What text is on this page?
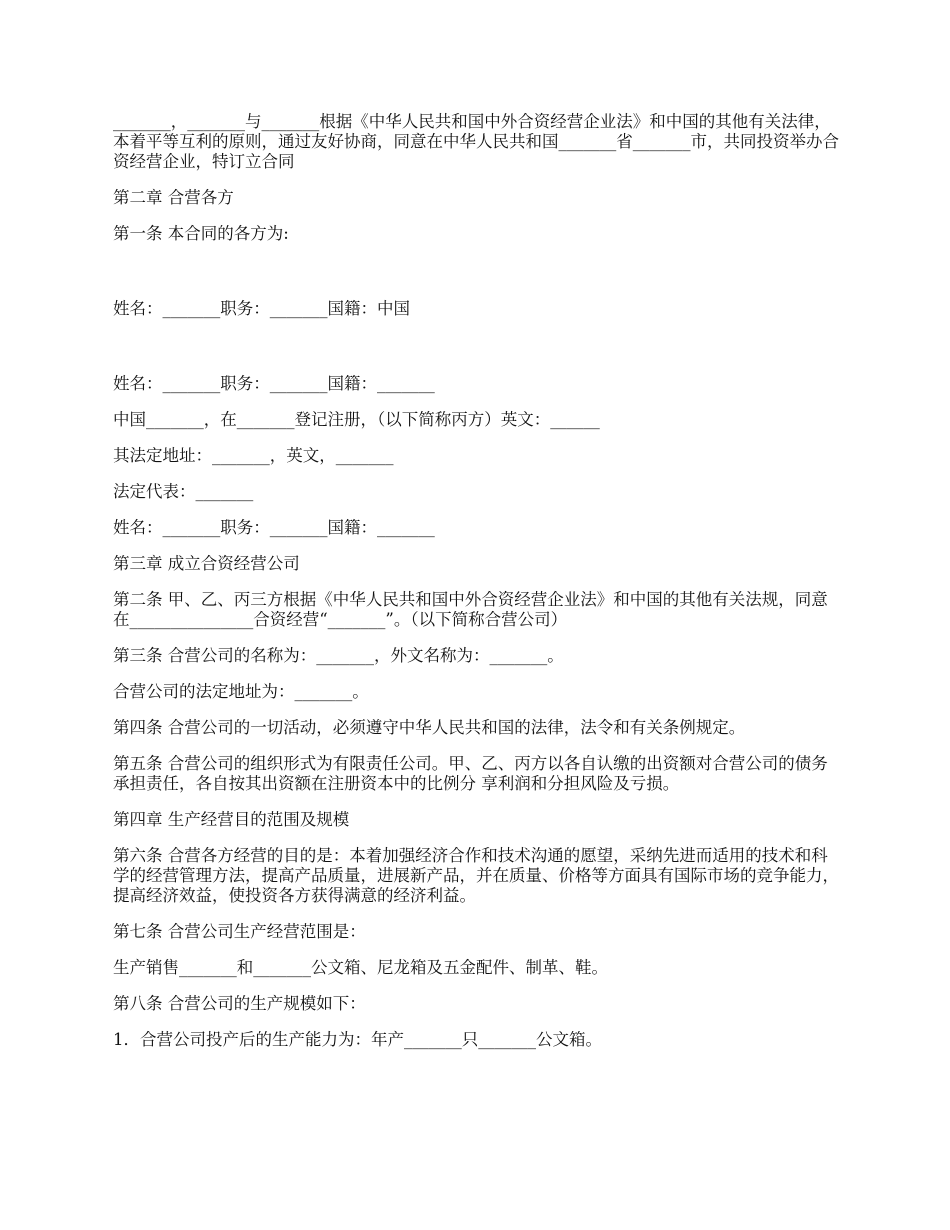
_______，_______与_______根据《中华人民共和国中外合资经营企业法》和中国的其他有关法律，本着平等互利的原则，通过友好协商，同意在中华人民共和国_______省_______市，共同投资举办合资经营企业，特订立合同

第二章 合营各方

第一条 本合同的各方为:

姓名：_______职务：_______国籍：中国

姓名：_______职务：_______国籍：_______

中国_______，在_______登记注册，（以下简称丙方）英文：______

其法定地址：_______，英文，_______

法定代表：_______

姓名：_______职务：_______国籍：_______

第三章 成立合资经营公司

第二条 甲、乙、丙三方根据《中华人民共和国中外合资经营企业法》和中国的其他有关法规，同意在_______________合资经营“_______”。（以下简称合营公司）

第三条 合营公司的名称为：_______，外文名称为：_______。

合营公司的法定地址为：_______。

第四条 合营公司的一切活动，必须遵守中华人民共和国的法律，法令和有关条例规定。

第五条 合营公司的组织形式为有限责任公司。甲、乙、丙方以各自认缴的出资额对合营公司的债务承担责任，各自按其出资额在注册资本中的比例分 享利润和分担风险及亏损。

第四章 生产经营目的范围及规模

第六条 合营各方经营的目的是：本着加强经济合作和技术沟通的愿望，采纳先进而适用的技术和科学的经营管理方法，提高产品质量，进展新产品，并在质量、价格等方面具有国际市场的竞争能力，提高经济效益，使投资各方获得满意的经济利益。

第七条 合营公司生产经营范围是：

生产销售_______和_______公文箱、尼龙箱及五金配件、制革、鞋。

第八条 合营公司的生产规模如下：

1．合营公司投产后的生产能力为：年产_______只_______公文箱。
